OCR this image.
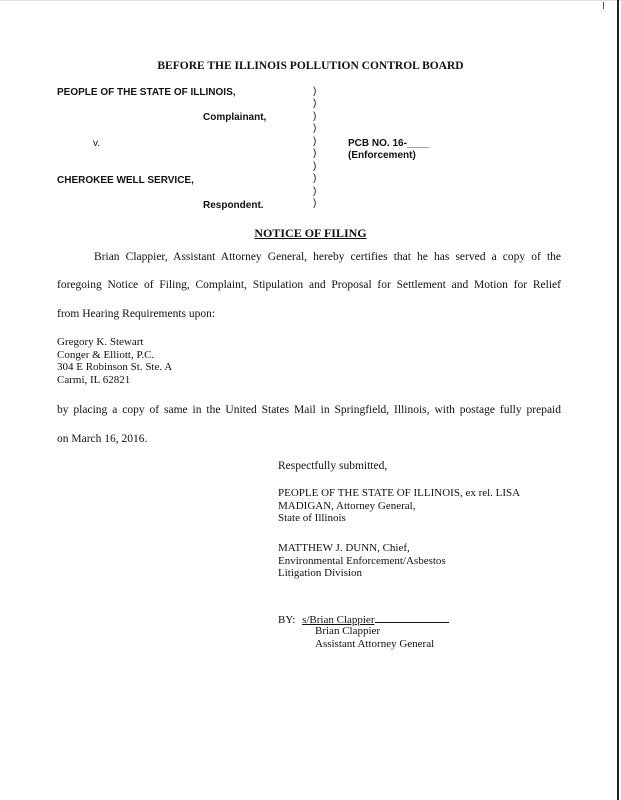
BEFORE THE ILLINOIS POLLUTION CONTROL BOARD
PEOPLE OF THE STATE OF ILLINOIS,
Complainant,
v.
CHEROKEE WELL SERVICE,
Respondent.
PCB NO. 16-____
(Enforcement)
)
)
)
)
)
)
)
)
)
)
NOTICE OF FILING
Brian Clappier, Assistant Attorney General, hereby certifies that he has served a copy of the
foregoing Notice of Filing, Complaint, Stipulation and Proposal for Settlement and Motion for Relief
from Hearing Requirements upon:
Gregory K. Stewart
Conger & Elliott, P.C.
304 E Robinson St. Ste. A
Carmi, IL 62821
by placing a copy of same in the United States Mail in Springfield, Illinois, with postage fully prepaid
on March 16, 2016.
Respectfully submitted,
PEOPLE OF THE STATE OF ILLINOIS, ex rel. LISA
MADIGAN, Attorney General,
State of Illinois
MATTHEW J. DUNN, Chief,
Environmental Enforcement/Asbestos
Litigation Division
BY: s/Brian Clappier
Brian Clappier
Assistant Attorney General
